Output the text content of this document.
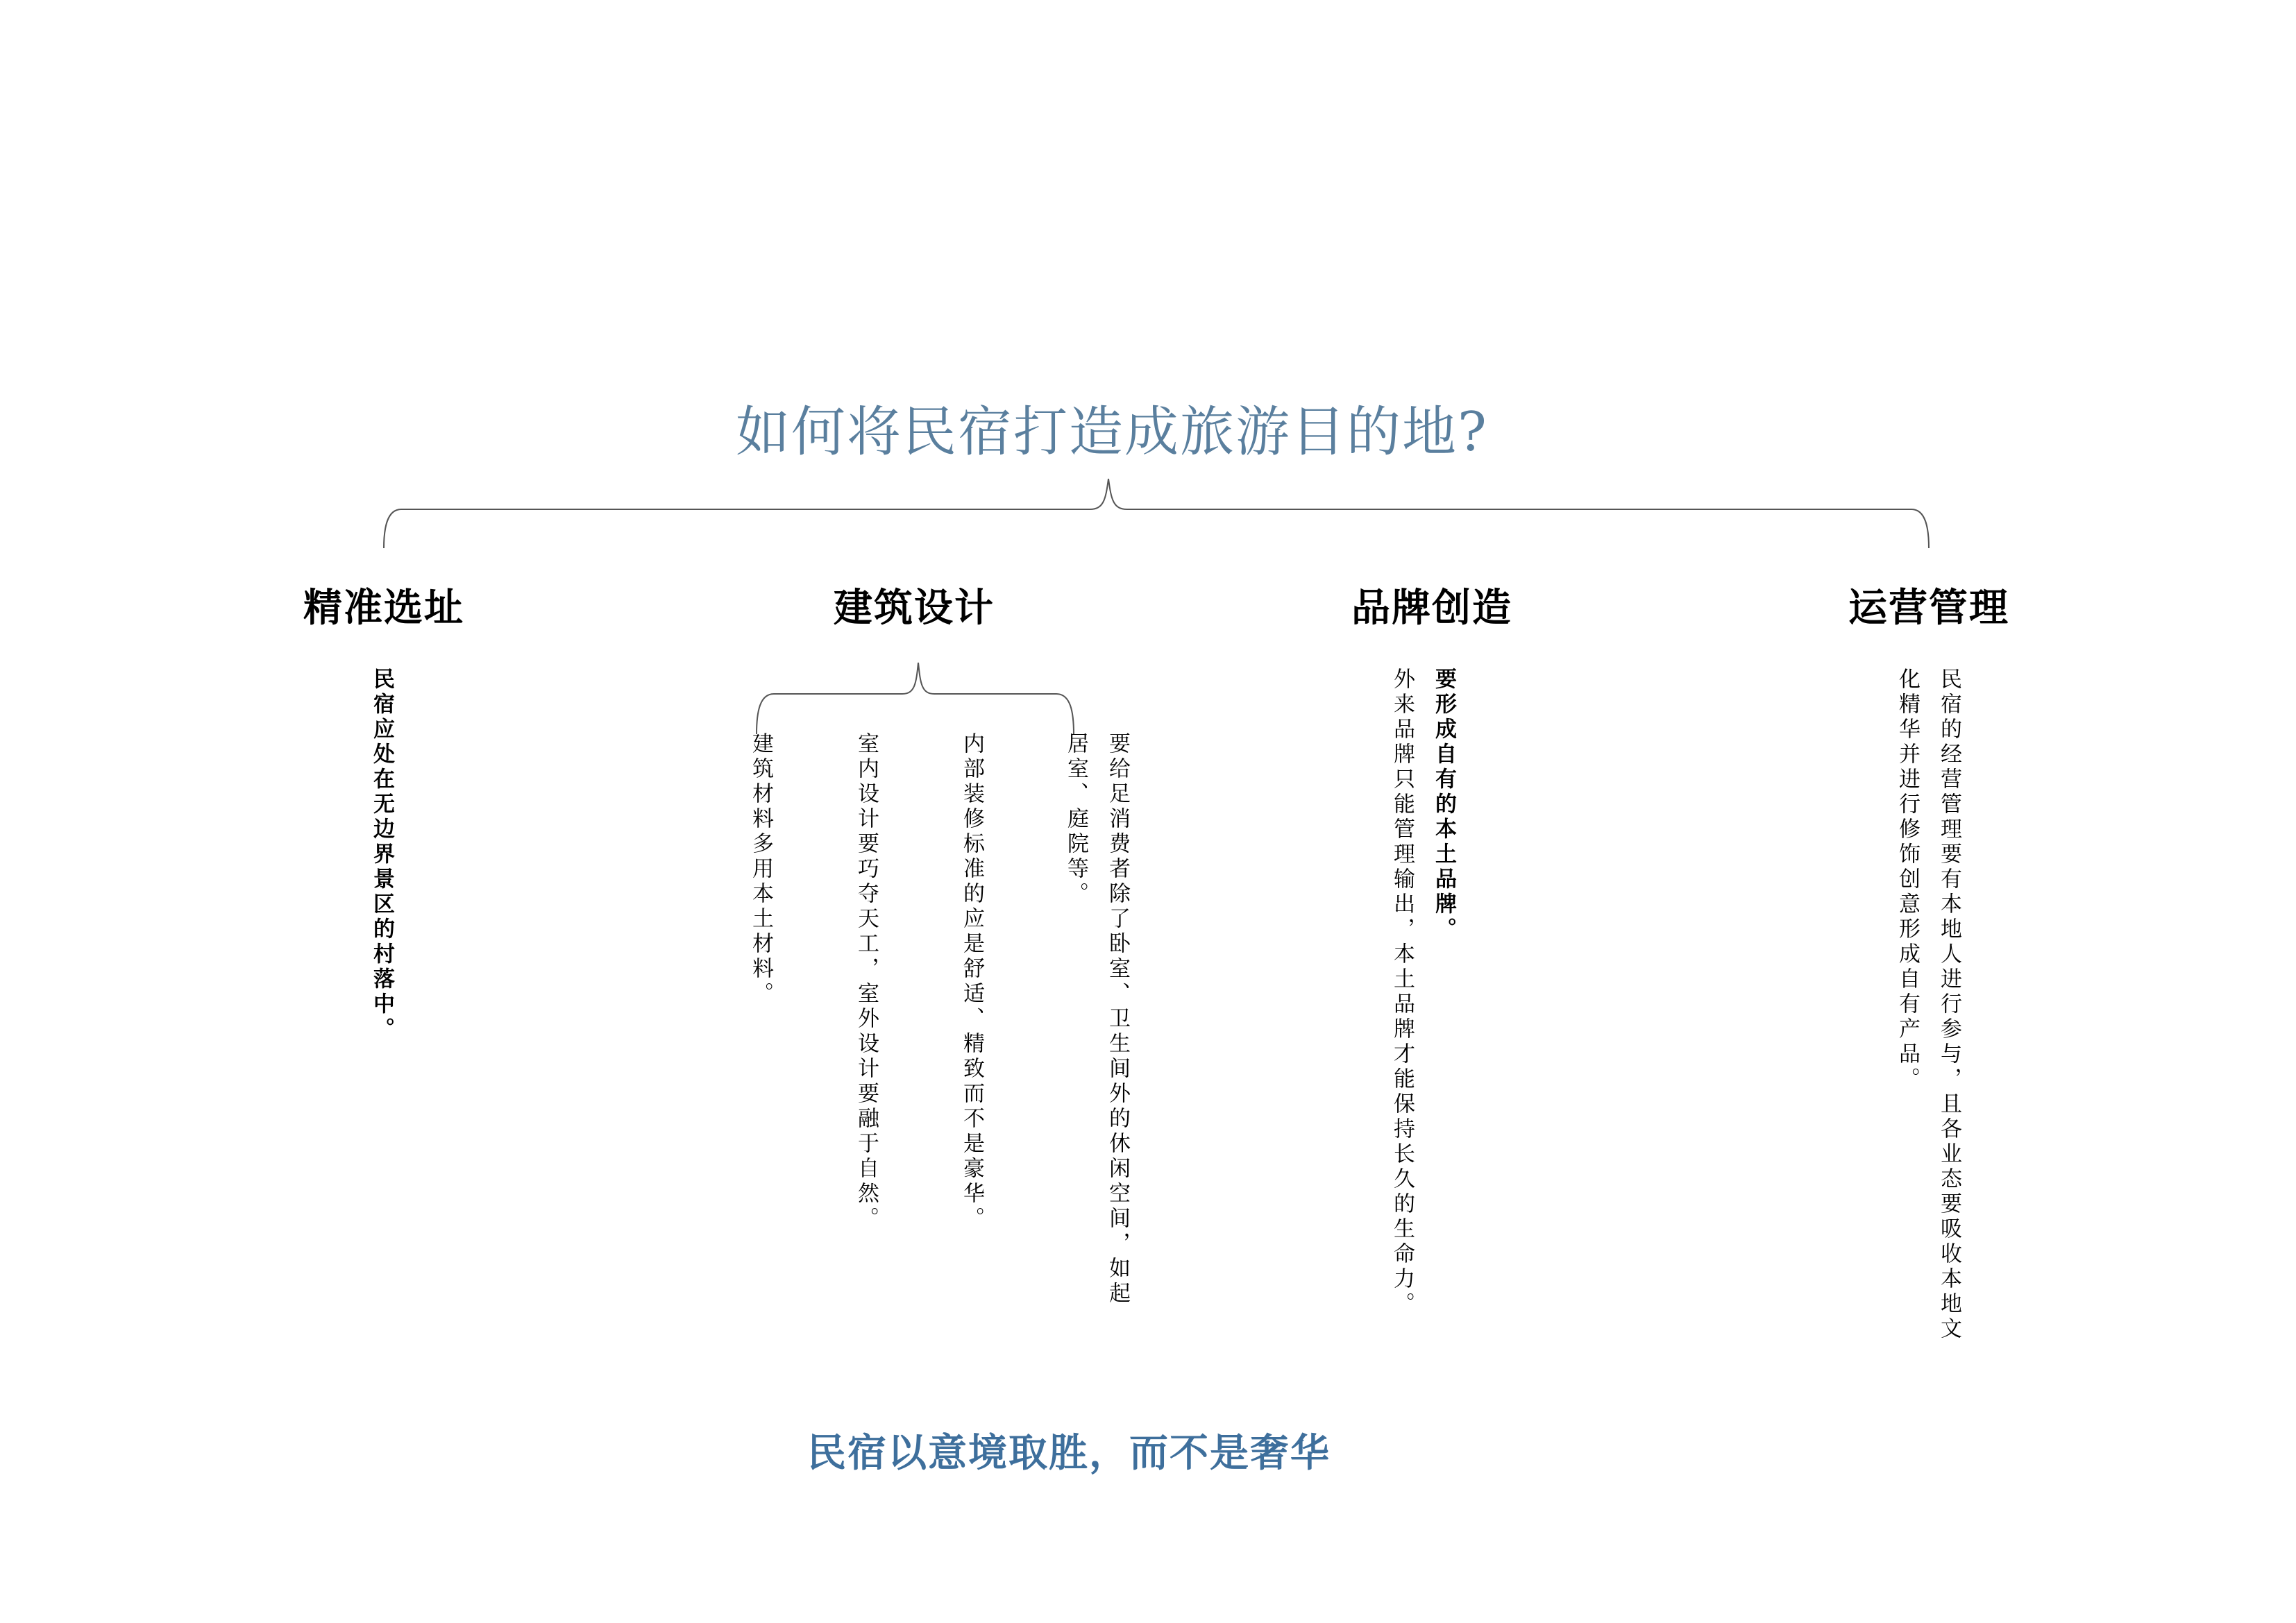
如何将民宿打造成旅游目的地?
精准选址	建筑设计	品牌创造	运营管理
民宿应处在无边界景区的村落中。	要给足消费者除了卧室、卫生间外的休闲空间，如起居室、庭院等。
内部装修标准的应是舒适、精致而不是豪华。
室内设计要巧夺天工，室外设计要融于自然。
建筑材料多用本土材料。	要形成自有的本土品牌。
外来品牌只能管理输出，本土品牌才能保持长久的生命力。	民宿的经营管理要有本地人进行参与，且各业态要吸收本地文化精华并进行修饰创意形成自有产品。
民宿以意境取胜，而不是奢华
